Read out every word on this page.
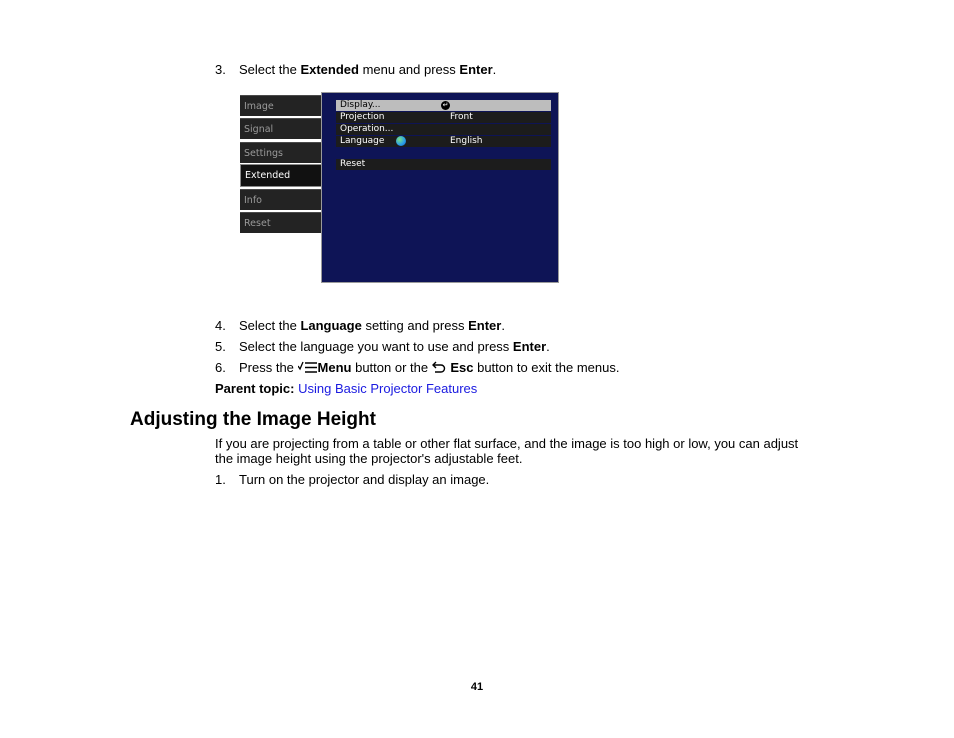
3. Select the Extended menu and press Enter.
Image
Signal
Settings
Extended
Info
Reset
Display...	↵
Projection	Front
Operation...
Language	English
Reset
4. Select the Language setting and press Enter.
5. Select the language you want to use and press Enter.
6. Press the Menu button or the  Esc button to exit the menus.
Parent topic: Using Basic Projector Features
Adjusting the Image Height
If you are projecting from a table or other flat surface, and the image is too high or low, you can adjust the image height using the projector's adjustable feet.
1. Turn on the projector and display an image.
41
